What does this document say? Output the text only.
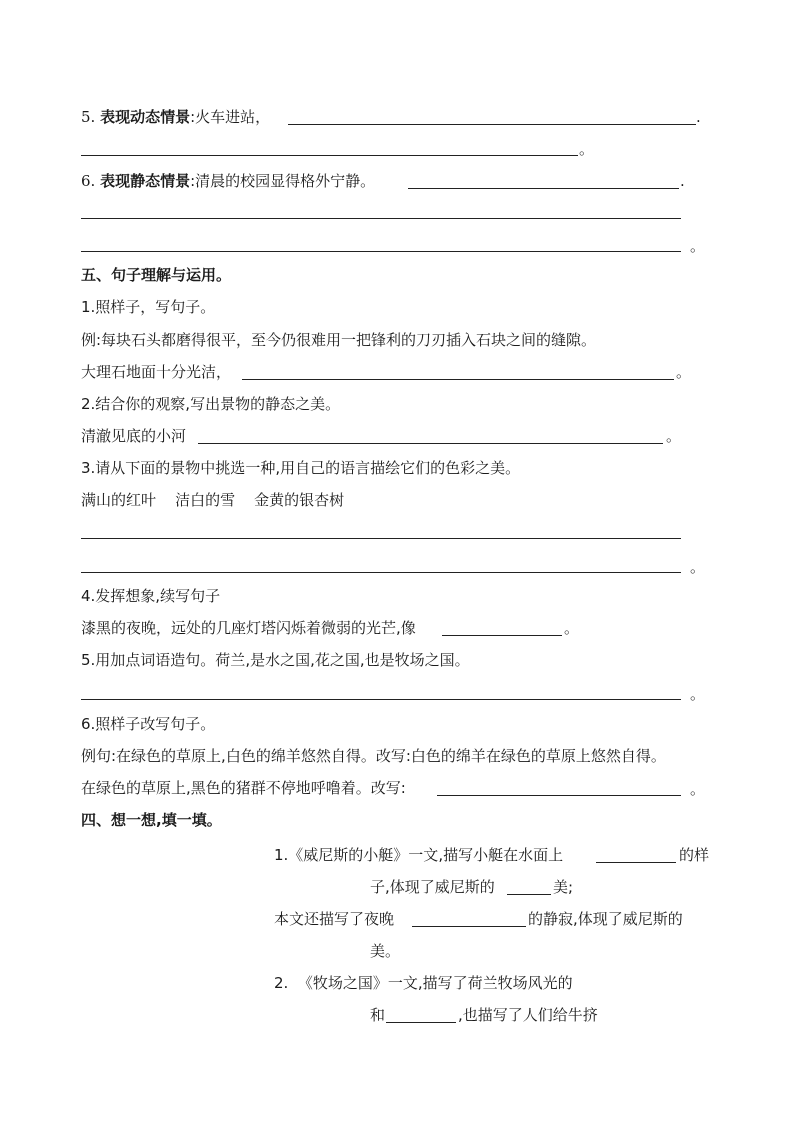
5. 表现动态情景:火车进站，	.
。
6. 表现静态情景:清晨的校园显得格外宁静。	.
。
五、句子理解与运用。
1.照样子，写句子。
例:每块石头都磨得很平，至今仍很难用一把锋利的刀刃插入石块之间的缝隙。
大理石地面十分光洁，	。
2.结合你的观察,写出景物的静态之美。
清澈见底的小河	。
3.请从下面的景物中挑选一种,用自己的语言描绘它们的色彩之美。
满山的红叶    洁白的雪    金黄的银杏树
。
4.发挥想象,续写句子
漆黑的夜晚，远处的几座灯塔闪烁着微弱的光芒,像	。
5.用加点词语造句。荷兰,是水之国,花之国,也是牧场之国。
。
6.照样子改写句子。
例句:在绿色的草原上,白色的绵羊悠然自得。改写:白色的绵羊在绿色的草原上悠然自得。
在绿色的草原上,黑色的猪群不停地呼噜着。改写:	。
四、想一想,填一填。
1.《威尼斯的小艇》一文,描写小艇在水面上	的样
子,体现了威尼斯的	美;
本文还描写了夜晚	的静寂,体现了威尼斯的
美。
2.  《牧场之国》一文,描写了荷兰牧场风光的
和	,也描写了人们给牛挤
